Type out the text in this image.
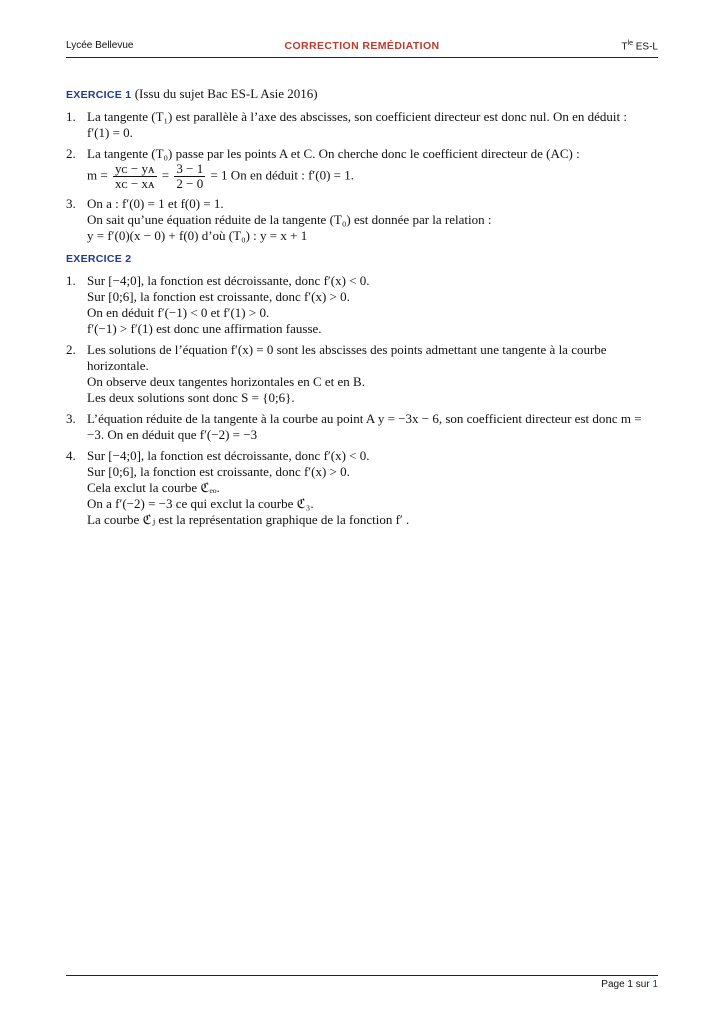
Lycée Bellevue	CORRECTION REMÉDIATION	$T^{le}$ ES-L
EXERCICE 1 (Issu du sujet Bac ES-L Asie 2016)
1. La tangente (T₁) est parallèle à l’axe des abscisses, son coefficient directeur est donc nul. On en déduit :
f′(1) = 0.
2. La tangente (T₀) passe par les points A et C. On cherche donc le coefficient directeur de (AC) :
$m = \frac{\text{yᴄ − yᴀ}}{\text{xᴄ − xᴀ}} = \frac{3 - 1}{2 - 0} = 1$ On en déduit : f′(0) = 1.
3. On a : f′(0) = 1 et f(0) = 1.
On sait qu’une équation réduite de la tangente (T₀) est donnée par la relation :
y = f′(0)(x − 0) + f(0) d’où (T₀) : y = x + 1
EXERCICE 2
1. Sur [−4;0], la fonction est décroissante, donc f′(x) < 0.
Sur [0;6], la fonction est croissante, donc f′(x) > 0.
On en déduit f′(−1) < 0 et f′(1) > 0.
f′(−1) > f′(1) est donc une affirmation fausse.
2. Les solutions de l’équation f′(x) = 0 sont les abscisses des points admettant une tangente à la courbe horizontale.
On observe deux tangentes horizontales en C et en B.
Les deux solutions sont donc S = {0;6}.
3. L’équation réduite de la tangente à la courbe au point A y = −3x − 6, son coefficient directeur est donc m = −3. On en déduit que f′(−2) = −3
4. Sur [−4;0], la fonction est décroissante, donc f′(x) < 0.
Sur [0;6], la fonction est croissante, donc f′(x) > 0.
Cela exclut la courbe ℭₑₒ.
On a f′(−2) = −3 ce qui exclut la courbe ℭ₃.
La courbe ℭⱼ est la représentation graphique de la fonction f′ .
Page 1 sur 1
